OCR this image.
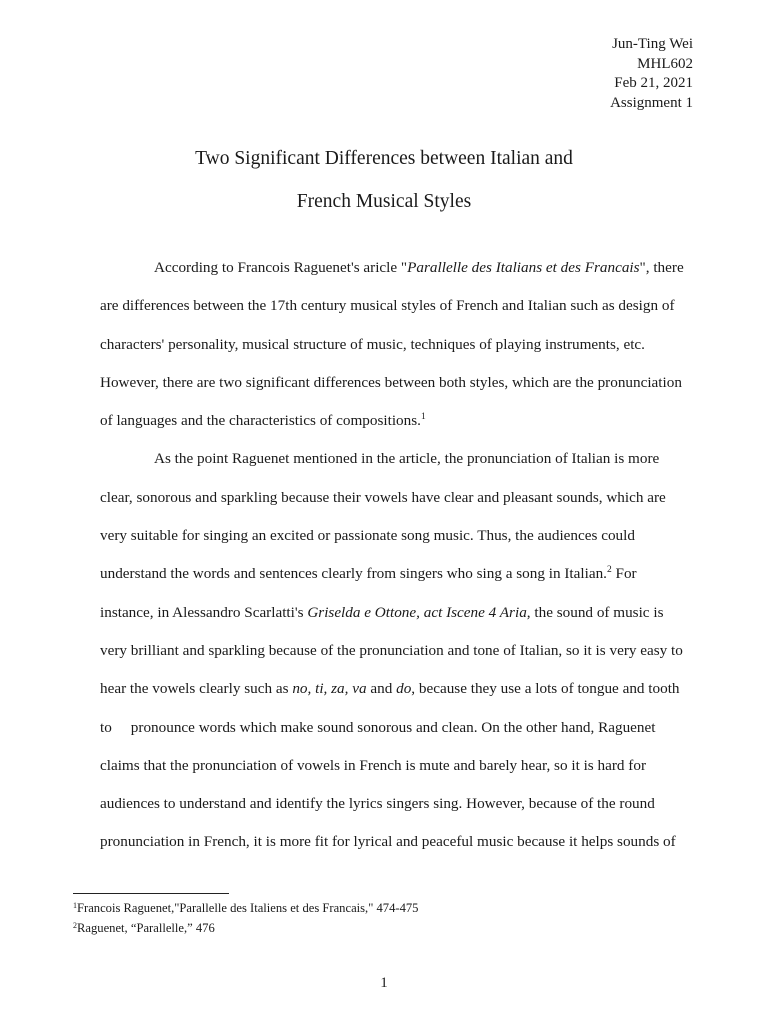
Jun-Ting Wei
MHL602
Feb 21, 2021
Assignment 1
Two Significant Differences between Italian and
French Musical Styles
According to Francois Raguenet's aricle "Parallelle des Italians et des Francais", there
are differences between the 17th century musical styles of French and Italian such as design of
characters' personality, musical structure of music, techniques of playing instruments, etc.
However, there are two significant differences between both styles, which are the pronunciation
of languages and the characteristics of compositions.$^1$
As the point Raguenet mentioned in the article, the pronunciation of Italian is more
clear, sonorous and sparkling because their vowels have clear and pleasant sounds, which are
very suitable for singing an excited or passionate song music. Thus, the audiences could
understand the words and sentences clearly from singers who sing a song in Italian.$^2$ For
instance, in Alessandro Scarlatti's Griselda e Ottone, act Iscene 4 Aria, the sound of music is
very brilliant and sparkling because of the pronunciation and tone of Italian, so it is very easy to
hear the vowels clearly such as no, ti, za, va and do, because they use a lots of tongue and tooth
to     pronounce words which make sound sonorous and clean. On the other hand, Raguenet
claims that the pronunciation of vowels in French is mute and barely hear, so it is hard for
audiences to understand and identify the lyrics singers sing. However, because of the round
pronunciation in French, it is more fit for lyrical and peaceful music because it helps sounds of
$^1$Francois Raguenet,"Parallelle des Italiens et des Francais," 474-475
$^2$Raguenet, “Parallelle,” 476
1
